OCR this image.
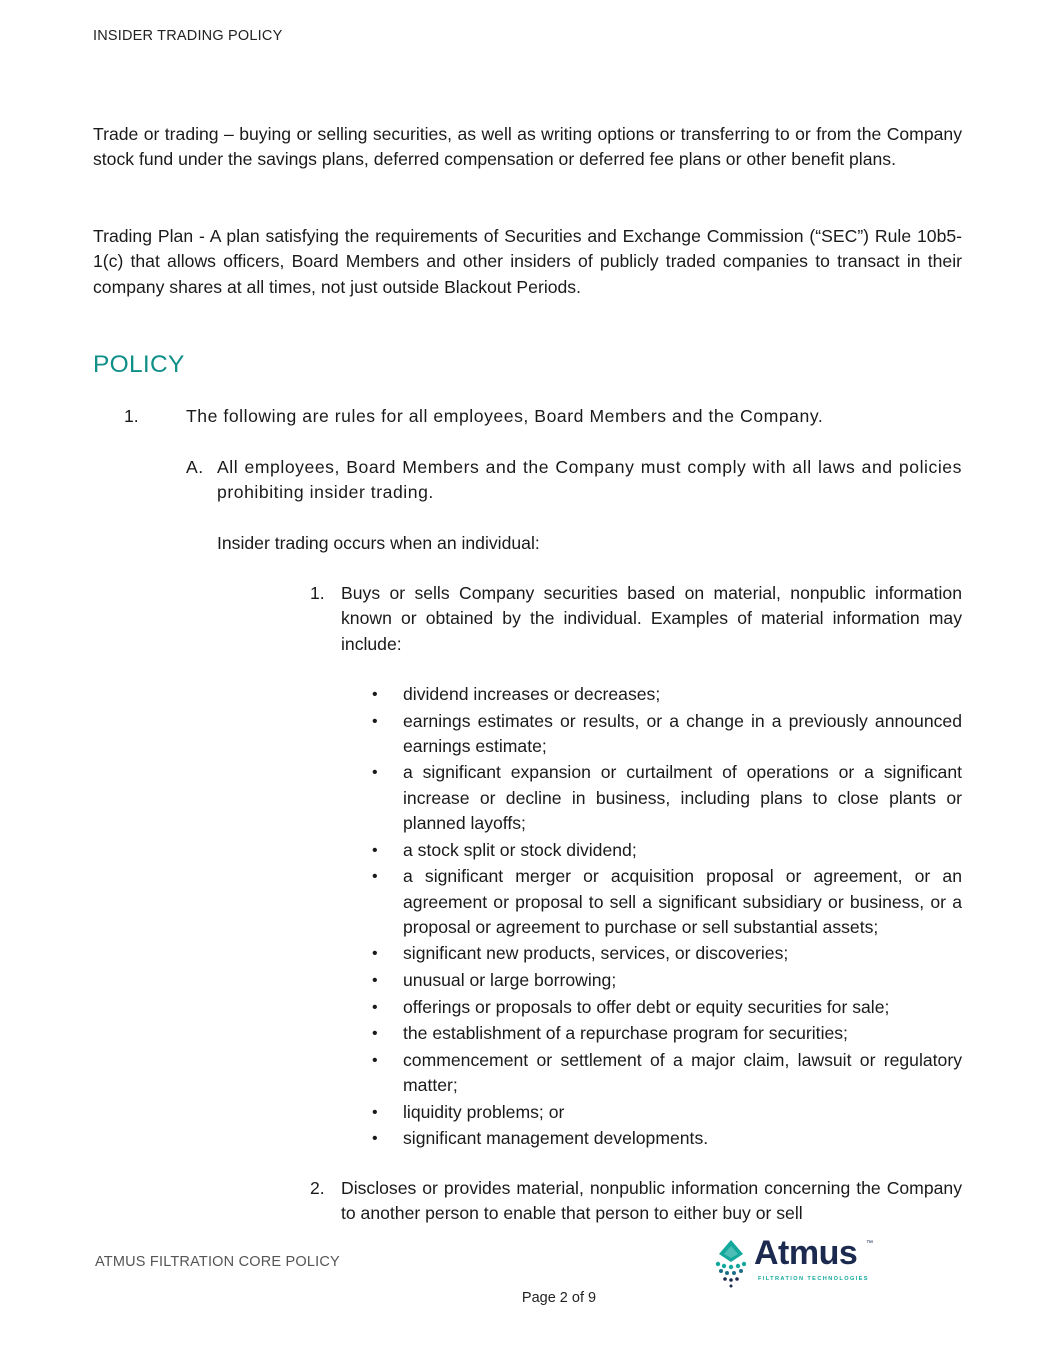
INSIDER TRADING POLICY

Trade or trading – buying or selling securities, as well as writing options or transferring to or from the Company stock fund under the savings plans, deferred compensation or deferred fee plans or other benefit plans.

Trading Plan - A plan satisfying the requirements of Securities and Exchange Commission (“SEC”) Rule 10b5-1(c) that allows officers, Board Members and other insiders of publicly traded companies to transact in their company shares at all times, not just outside Blackout Periods.

POLICY
1.	The following are rules for all employees, Board Members and the Company.
A. All employees, Board Members and the Company must comply with all laws and policies prohibiting insider trading.

Insider trading occurs when an individual:
1. Buys or sells Company securities based on material, nonpublic information known or obtained by the individual. Examples of material information may include:

• dividend increases or decreases;
• earnings estimates or results, or a change in a previously announced earnings estimate;
• a significant expansion or curtailment of operations or a significant increase or decline in business, including plans to close plants or planned layoffs;
• a stock split or stock dividend;
• a significant merger or acquisition proposal or agreement, or an agreement or proposal to sell a significant subsidiary or business, or a proposal or agreement to purchase or sell substantial assets;
• significant new products, services, or discoveries;
• unusual or large borrowing;
• offerings or proposals to offer debt or equity securities for sale;
• the establishment of a repurchase program for securities;
• commencement or settlement of a major claim, lawsuit or regulatory matter;
• liquidity problems; or
• significant management developments.
2. Discloses or provides material, nonpublic information concerning the Company to another person to enable that person to either buy or sell

ATMUS FILTRATION CORE POLICY
Page 2 of 9
Atmus ™
FILTRATION TECHNOLOGIES
